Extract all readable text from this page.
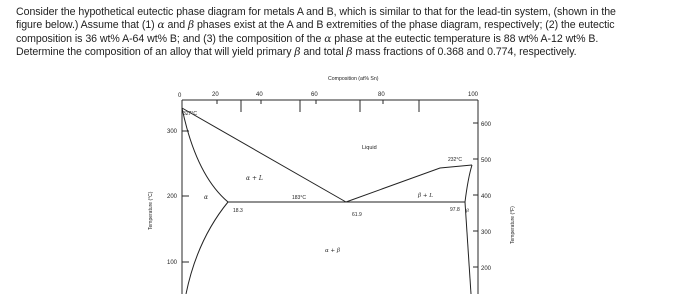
Consider the hypothetical eutectic phase diagram for metals A and B, which is similar to that for the lead-tin system, (shown in the
figure below.) Assume that (1) α and β phases exist at the A and B extremities of the phase diagram, respectively; (2) the eutectic
composition is 36 wt% A-64 wt% B; and (3) the composition of the α phase at the eutectic temperature is 88 wt% A-12 wt% B.
Determine the composition of an alloy that will yield primary β and total β mass fractions of 0.368 and 0.774, respectively.
Composition (at% Sn)
20	40	60	80	100
0
Temperature (°C)
300
200
100
Temperature (°F)
600
500
400
300
200
327°C
232°C
183°C
18.3
61.9
97.8
Liquid
α + L
β + L
α + β
α
β
